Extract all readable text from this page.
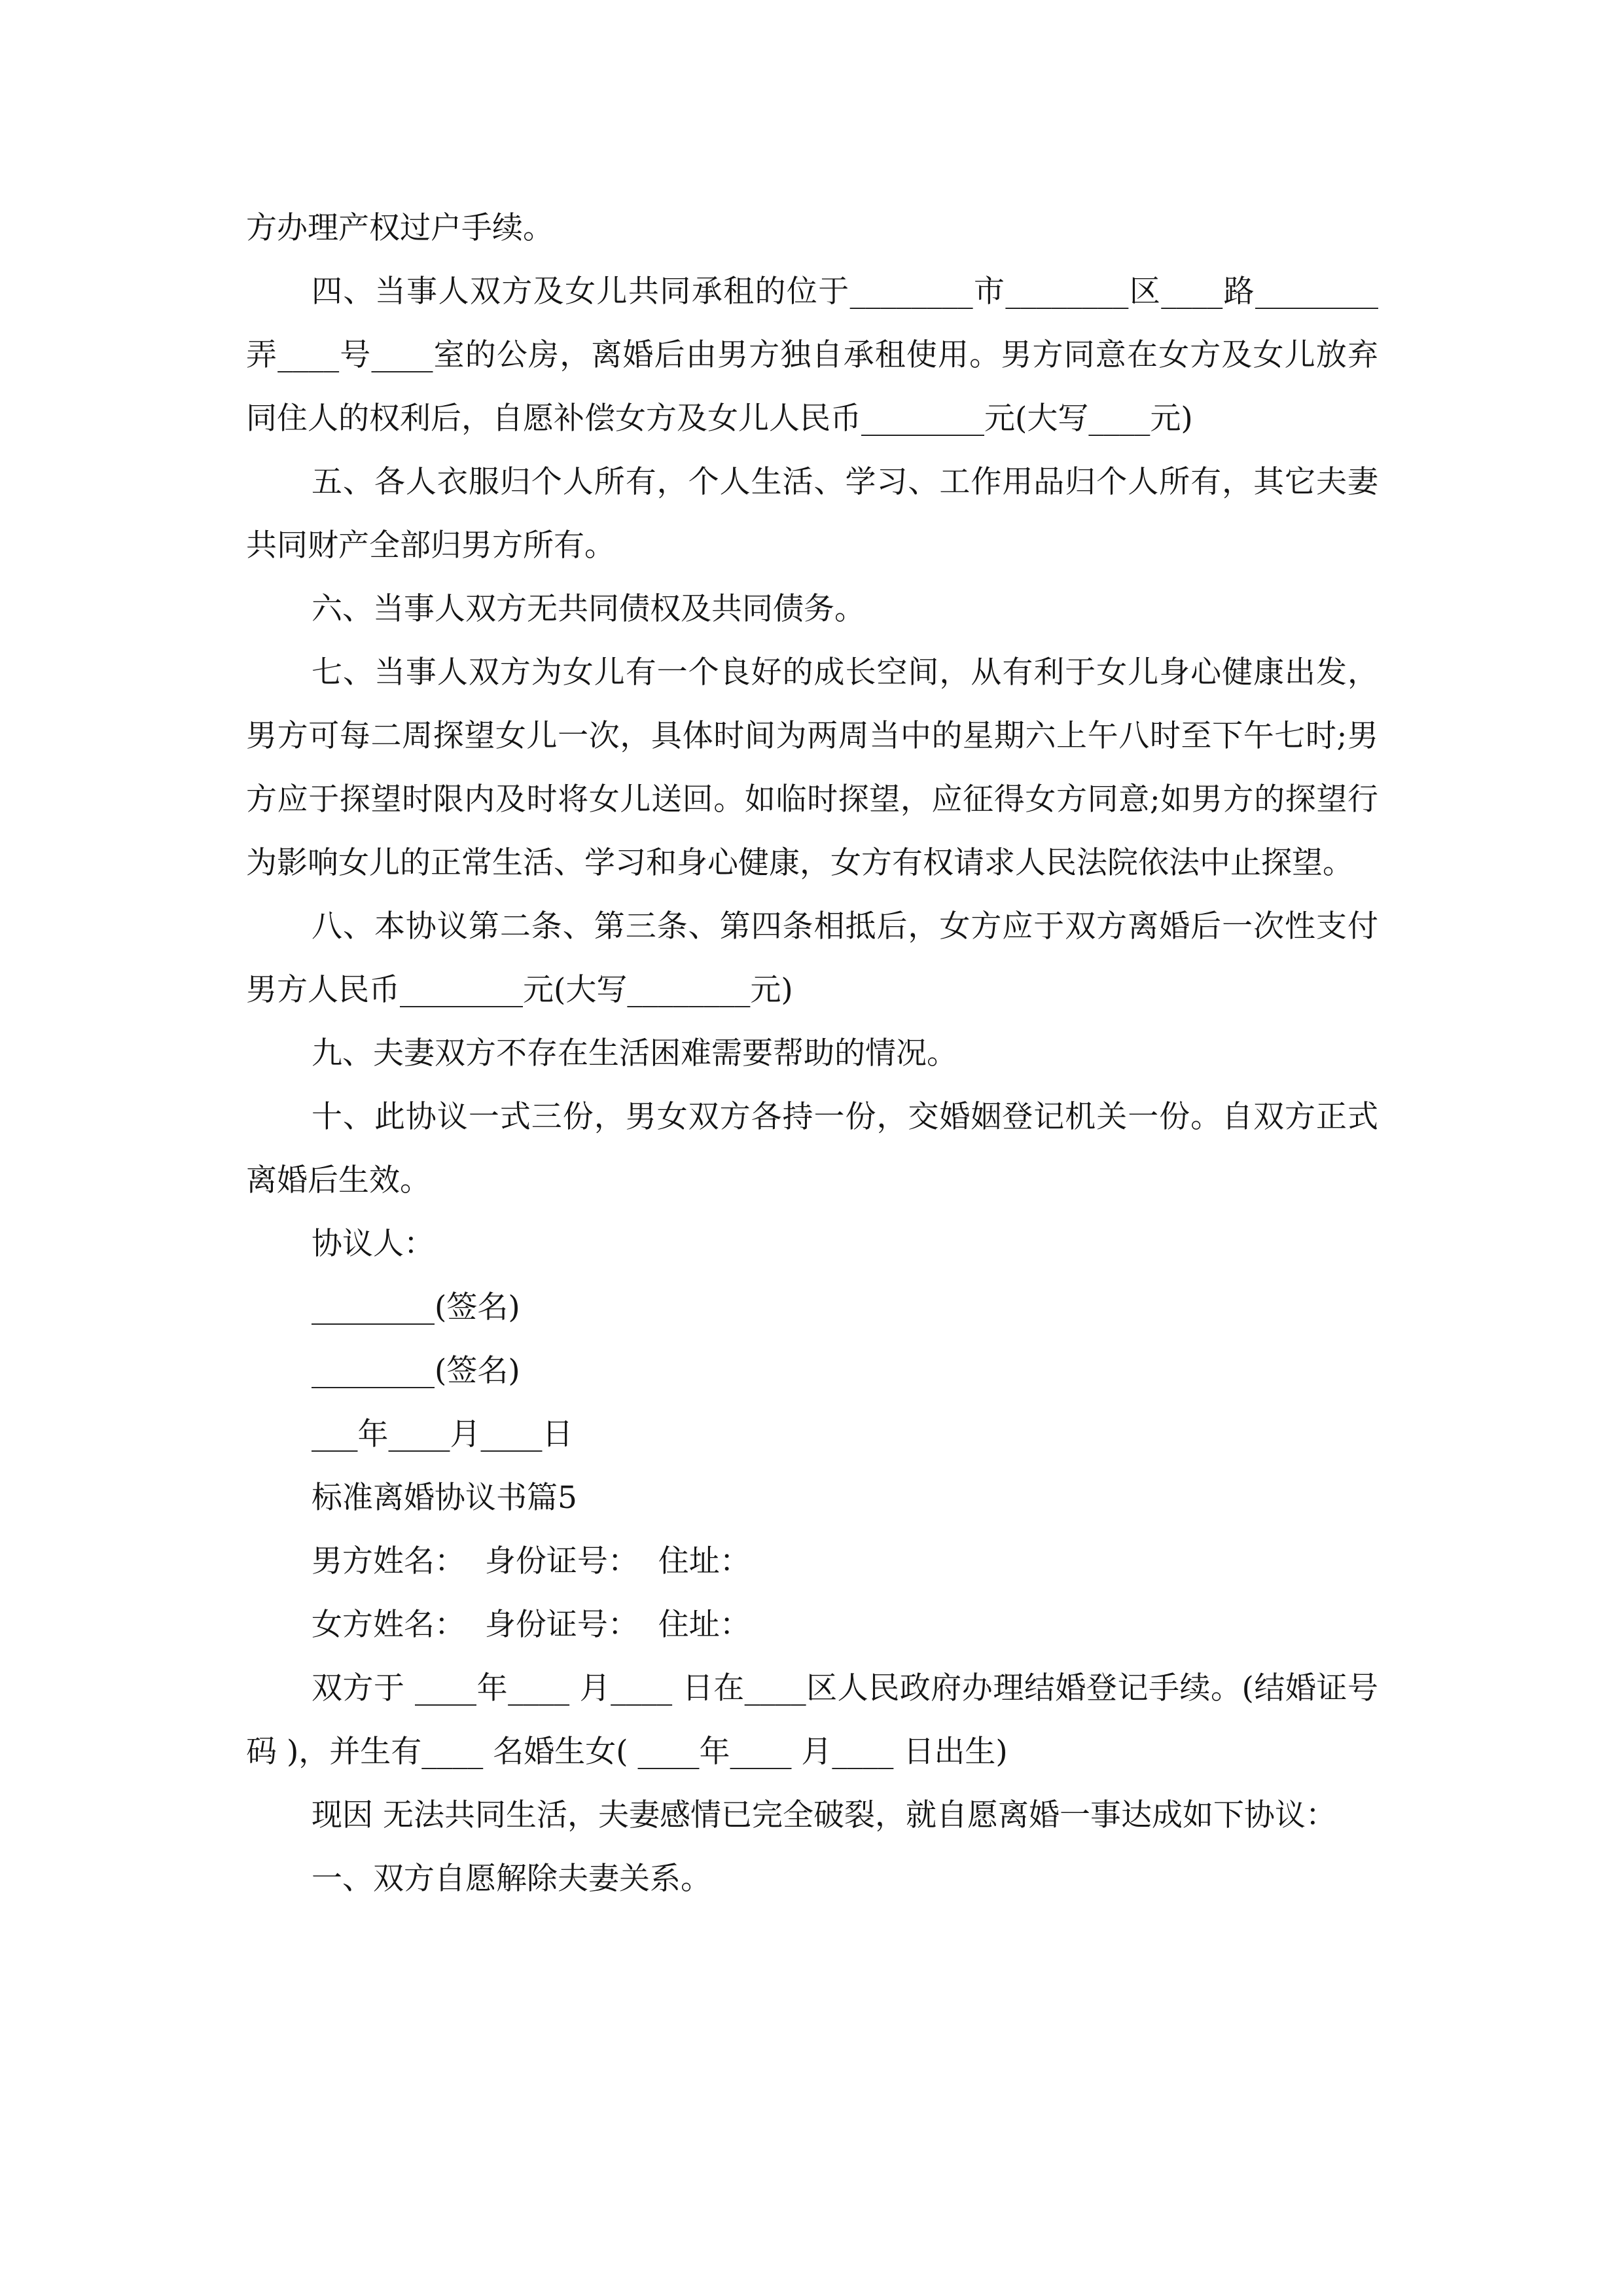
方办理产权过户手续。

四、当事人双方及女儿共同承租的位于________市________区____路________弄____号____室的公房，离婚后由男方独自承租使用。男方同意在女方及女儿放弃同住人的权利后，自愿补偿女方及女儿人民币________元(大写____元)

五、各人衣服归个人所有，个人生活、学习、工作用品归个人所有，其它夫妻共同财产全部归男方所有。

六、当事人双方无共同债权及共同债务。

七、当事人双方为女儿有一个良好的成长空间，从有利于女儿身心健康出发，男方可每二周探望女儿一次，具体时间为两周当中的星期六上午八时至下午七时;男方应于探望时限内及时将女儿送回。如临时探望，应征得女方同意;如男方的探望行为影响女儿的正常生活、学习和身心健康，女方有权请求人民法院依法中止探望。

八、本协议第二条、第三条、第四条相抵后，女方应于双方离婚后一次性支付男方人民币________元(大写________元)

九、夫妻双方不存在生活困难需要帮助的情况。

十、此协议一式三份，男女双方各持一份，交婚姻登记机关一份。自双方正式离婚后生效。

协议人：

________(签名)

________(签名)

___年____月____日

标准离婚协议书篇5

男方姓名：  身份证号：  住址：

女方姓名：  身份证号：  住址：

双方于 ____年____ 月____ 日在____区人民政府办理结婚登记手续。(结婚证号码 )，并生有____ 名婚生女( ____年____ 月____ 日出生)

现因 无法共同生活，夫妻感情已完全破裂，就自愿离婚一事达成如下协议：

一、双方自愿解除夫妻关系。
